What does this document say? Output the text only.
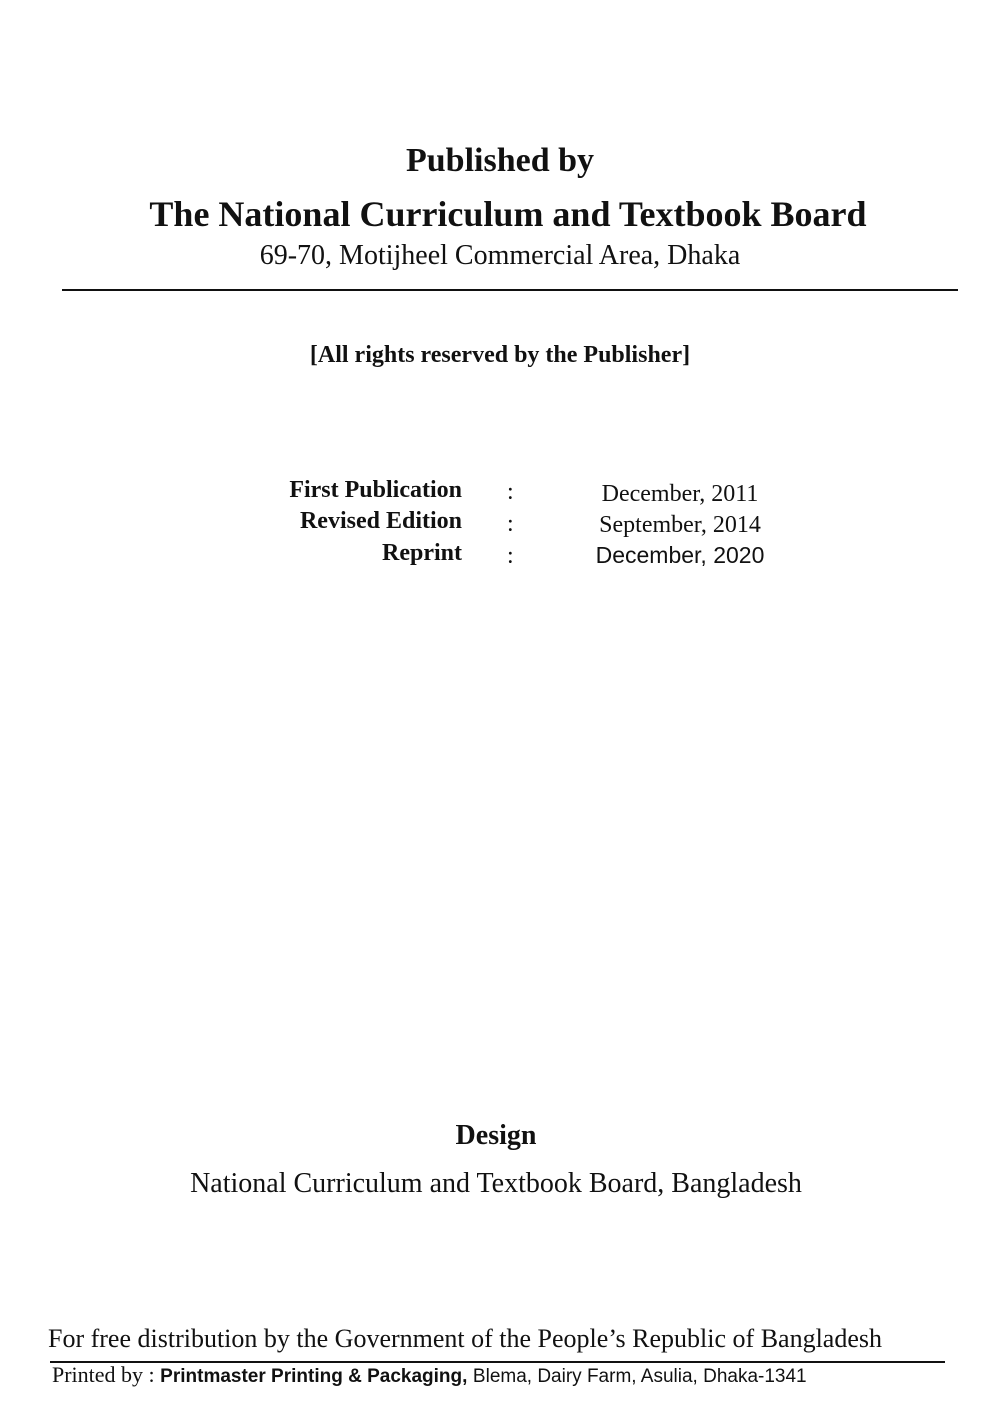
Published by
The National Curriculum and Textbook Board
69-70, Motijheel Commercial Area, Dhaka
[All rights reserved by the Publisher]
First Publication :	December, 2011
Revised Edition :	September, 2014
Reprint :	December, 2020
Design
National Curriculum and Textbook Board, Bangladesh
For free distribution by the Government of the People’s Republic of Bangladesh
Printed by : Printmaster Printing & Packaging, Blema, Dairy Farm, Asulia, Dhaka-1341
